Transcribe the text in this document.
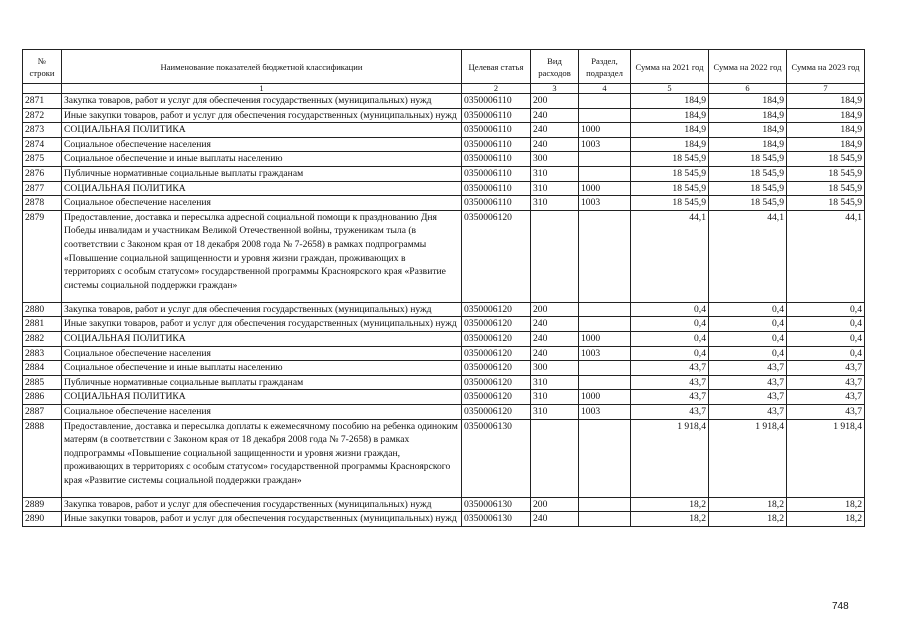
№ строки	Наименование показателей бюджетной классификации	Целевая статья	Вид расходов	Раздел, подраздел	Сумма на 2021 год	Сумма на 2022 год	Сумма на 2023 год
	1	2	3	4	5	6	7
2871	Закупка товаров, работ и услуг для обеспечения государственных (муниципальных) нужд	0350006110	200		184,9	184,9	184,9
2872	Иные закупки товаров, работ и услуг для обеспечения государственных (муниципальных) нужд	0350006110	240		184,9	184,9	184,9
2873	СОЦИАЛЬНАЯ ПОЛИТИКА	0350006110	240	1000	184,9	184,9	184,9
2874	Социальное обеспечение населения	0350006110	240	1003	184,9	184,9	184,9
2875	Социальное обеспечение и иные выплаты населению	0350006110	300		18 545,9	18 545,9	18 545,9
2876	Публичные нормативные социальные выплаты гражданам	0350006110	310		18 545,9	18 545,9	18 545,9
2877	СОЦИАЛЬНАЯ ПОЛИТИКА	0350006110	310	1000	18 545,9	18 545,9	18 545,9
2878	Социальное обеспечение населения	0350006110	310	1003	18 545,9	18 545,9	18 545,9
2879	Предоставление, доставка и пересылка адресной социальной помощи к празднованию Дня Победы инвалидам и участникам Великой Отечественной войны, труженикам тыла (в соответствии с Законом края от 18 декабря 2008 года № 7-2658) в рамках подпрограммы «Повышение социальной защищенности и уровня жизни граждан, проживающих в территориях с особым статусом» государственной программы Красноярского края «Развитие системы социальной поддержки граждан»	0350006120			44,1	44,1	44,1
2880	Закупка товаров, работ и услуг для обеспечения государственных (муниципальных) нужд	0350006120	200		0,4	0,4	0,4
2881	Иные закупки товаров, работ и услуг для обеспечения государственных (муниципальных) нужд	0350006120	240		0,4	0,4	0,4
2882	СОЦИАЛЬНАЯ ПОЛИТИКА	0350006120	240	1000	0,4	0,4	0,4
2883	Социальное обеспечение населения	0350006120	240	1003	0,4	0,4	0,4
2884	Социальное обеспечение и иные выплаты населению	0350006120	300		43,7	43,7	43,7
2885	Публичные нормативные социальные выплаты гражданам	0350006120	310		43,7	43,7	43,7
2886	СОЦИАЛЬНАЯ ПОЛИТИКА	0350006120	310	1000	43,7	43,7	43,7
2887	Социальное обеспечение населения	0350006120	310	1003	43,7	43,7	43,7
2888	Предоставление, доставка и пересылка доплаты к ежемесячному пособию на ребенка одиноким матерям (в соответствии с Законом края от 18 декабря 2008 года № 7-2658) в рамках подпрограммы «Повышение социальной защищенности и уровня жизни граждан, проживающих в территориях с особым статусом» государственной программы Красноярского края «Развитие системы социальной поддержки граждан»	0350006130			1 918,4	1 918,4	1 918,4
2889	Закупка товаров, работ и услуг для обеспечения государственных (муниципальных) нужд	0350006130	200		18,2	18,2	18,2
2890	Иные закупки товаров, работ и услуг для обеспечения государственных (муниципальных) нужд	0350006130	240		18,2	18,2	18,2
748
